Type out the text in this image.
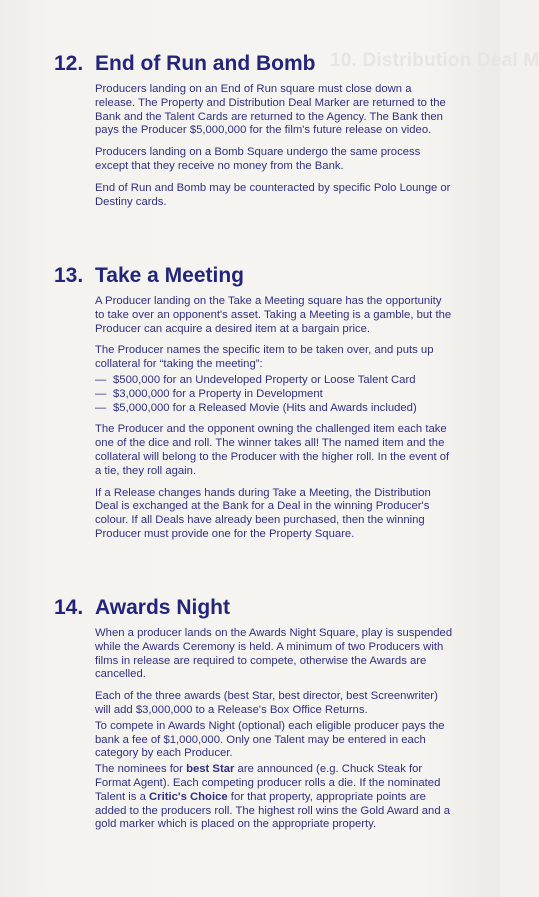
10. Distribution Deal M
12. End of Run and Bomb

Producers landing on an End of Run square must close down a release. The Property and Distribution Deal Marker are returned to the Bank and the Talent Cards are returned to the Agency. The Bank then pays the Producer $5,000,000 for the film's future release on video.

Producers landing on a Bomb Square undergo the same process except that they receive no money from the Bank.

End of Run and Bomb may be counteracted by specific Polo Lounge or Destiny cards.

13. Take a Meeting

A Producer landing on the Take a Meeting square has the opportunity to take over an opponent's asset. Taking a Meeting is a gamble, but the Producer can acquire a desired item at a bargain price.

The Producer names the specific item to be taken over, and puts up collateral for “taking the meeting”:

— $500,000 for an Undeveloped Property or Loose Talent Card
— $3,000,000 for a Property in Development
— $5,000,000 for a Released Movie (Hits and Awards included)

The Producer and the opponent owning the challenged item each take one of the dice and roll. The winner takes all! The named item and the collateral will belong to the Producer with the higher roll. In the event of a tie, they roll again.

If a Release changes hands during Take a Meeting, the Distribution Deal is exchanged at the Bank for a Deal in the winning Producer's colour. If all Deals have already been purchased, then the winning Producer must provide one for the Property Square.

14. Awards Night

When a producer lands on the Awards Night Square, play is suspended while the Awards Ceremony is held. A minimum of two Producers with films in release are required to compete, otherwise the Awards are cancelled.

Each of the three awards (best Star, best director, best Screenwriter) will add $3,000,000 to a Release's Box Office Returns.

To compete in Awards Night (optional) each eligible producer pays the bank a fee of $1,000,000. Only one Talent may be entered in each category by each Producer.

The nominees for best Star are announced (e.g. Chuck Steak for Format Agent). Each competing producer rolls a die. If the nominated Talent is a Critic's Choice for that property, appropriate points are added to the producers roll. The highest roll wins the Gold Award and a gold marker which is placed on the appropriate property.
